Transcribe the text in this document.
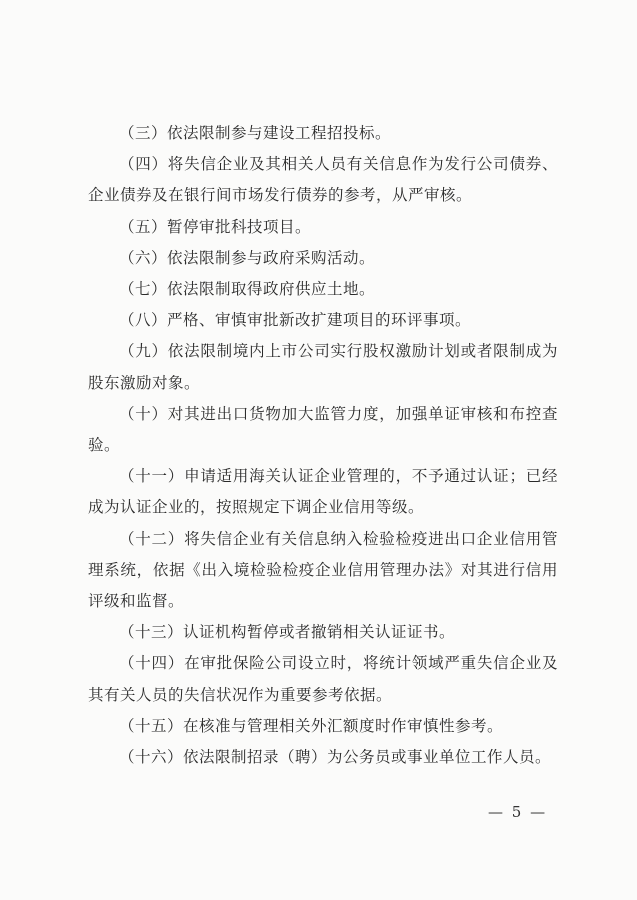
（三）依法限制参与建设工程招投标。

（四）将失信企业及其相关人员有关信息作为发行公司债券、企业债券及在银行间市场发行债券的参考，从严审核。

（五）暂停审批科技项目。

（六）依法限制参与政府采购活动。

（七）依法限制取得政府供应土地。

（八）严格、审慎审批新改扩建项目的环评事项。

（九）依法限制境内上市公司实行股权激励计划或者限制成为股东激励对象。

（十）对其进出口货物加大监管力度，加强单证审核和布控查验。

（十一）申请适用海关认证企业管理的，不予通过认证；已经成为认证企业的，按照规定下调企业信用等级。

（十二）将失信企业有关信息纳入检验检疫进出口企业信用管理系统，依据《出入境检验检疫企业信用管理办法》对其进行信用评级和监督。

（十三）认证机构暂停或者撤销相关认证证书。

（十四）在审批保险公司设立时，将统计领域严重失信企业及其有关人员的失信状况作为重要参考依据。

（十五）在核准与管理相关外汇额度时作审慎性参考。

（十六）依法限制招录（聘）为公务员或事业单位工作人员。

— 5 —
